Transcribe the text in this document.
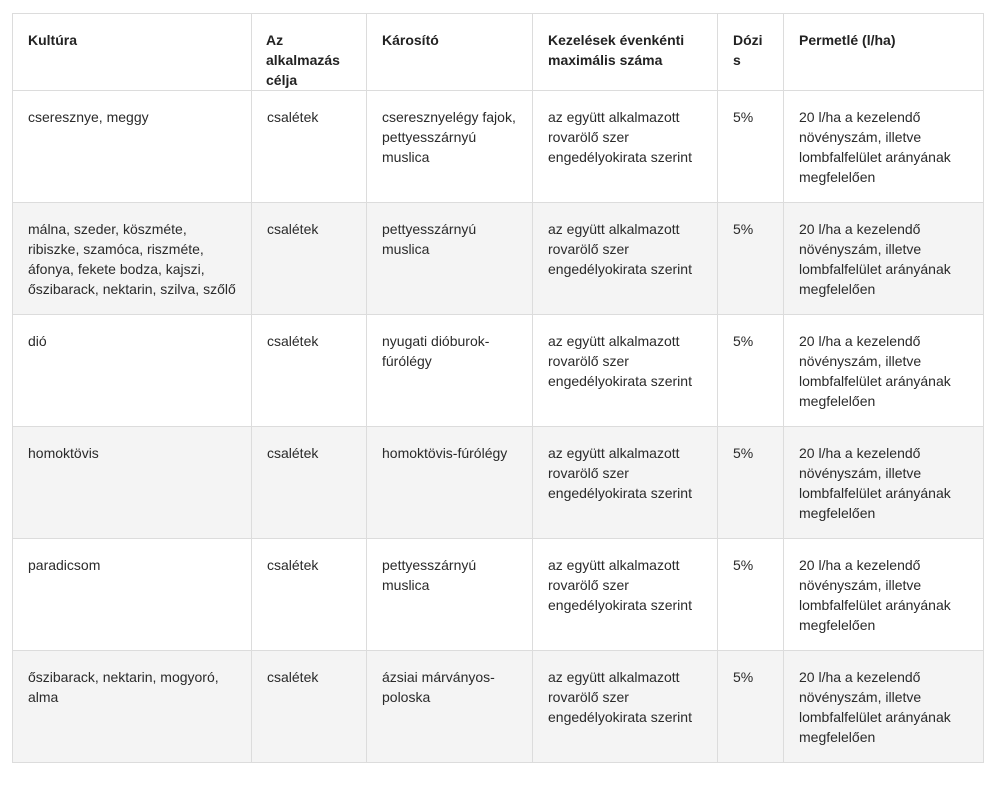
Kultúra	Az alkalmazás célja	Károsító	Kezelések évenkénti maximális száma	Dózis	Permetlé (l/ha)
cseresznye, meggy	csalétek	cseresznyelégy fajok, pettyesszárnyú muslica	az együtt alkalmazott rovarölő szer engedélyokirata szerint	5%	20 l/ha a kezelendő növényszám, illetve lombfalfelület arányának megfelelően
málna, szeder, köszméte, ribiszke, szamóca, riszméte, áfonya, fekete bodza, kajszi, őszibarack, nektarin, szilva, szőlő	csalétek	pettyesszárnyú muslica	az együtt alkalmazott rovarölő szer engedélyokirata szerint	5%	20 l/ha a kezelendő növényszám, illetve lombfalfelület arányának megfelelően
dió	csalétek	nyugati dióburok-fúrólégy	az együtt alkalmazott rovarölő szer engedélyokirata szerint	5%	20 l/ha a kezelendő növényszám, illetve lombfalfelület arányának megfelelően
homoktövis	csalétek	homoktövis-fúrólégy	az együtt alkalmazott rovarölő szer engedélyokirata szerint	5%	20 l/ha a kezelendő növényszám, illetve lombfalfelület arányának megfelelően
paradicsom	csalétek	pettyesszárnyú muslica	az együtt alkalmazott rovarölő szer engedélyokirata szerint	5%	20 l/ha a kezelendő növényszám, illetve lombfalfelület arányának megfelelően
őszibarack, nektarin, mogyoró, alma	csalétek	ázsiai márványos-poloska	az együtt alkalmazott rovarölő szer engedélyokirata szerint	5%	20 l/ha a kezelendő növényszám, illetve lombfalfelület arányának megfelelően
